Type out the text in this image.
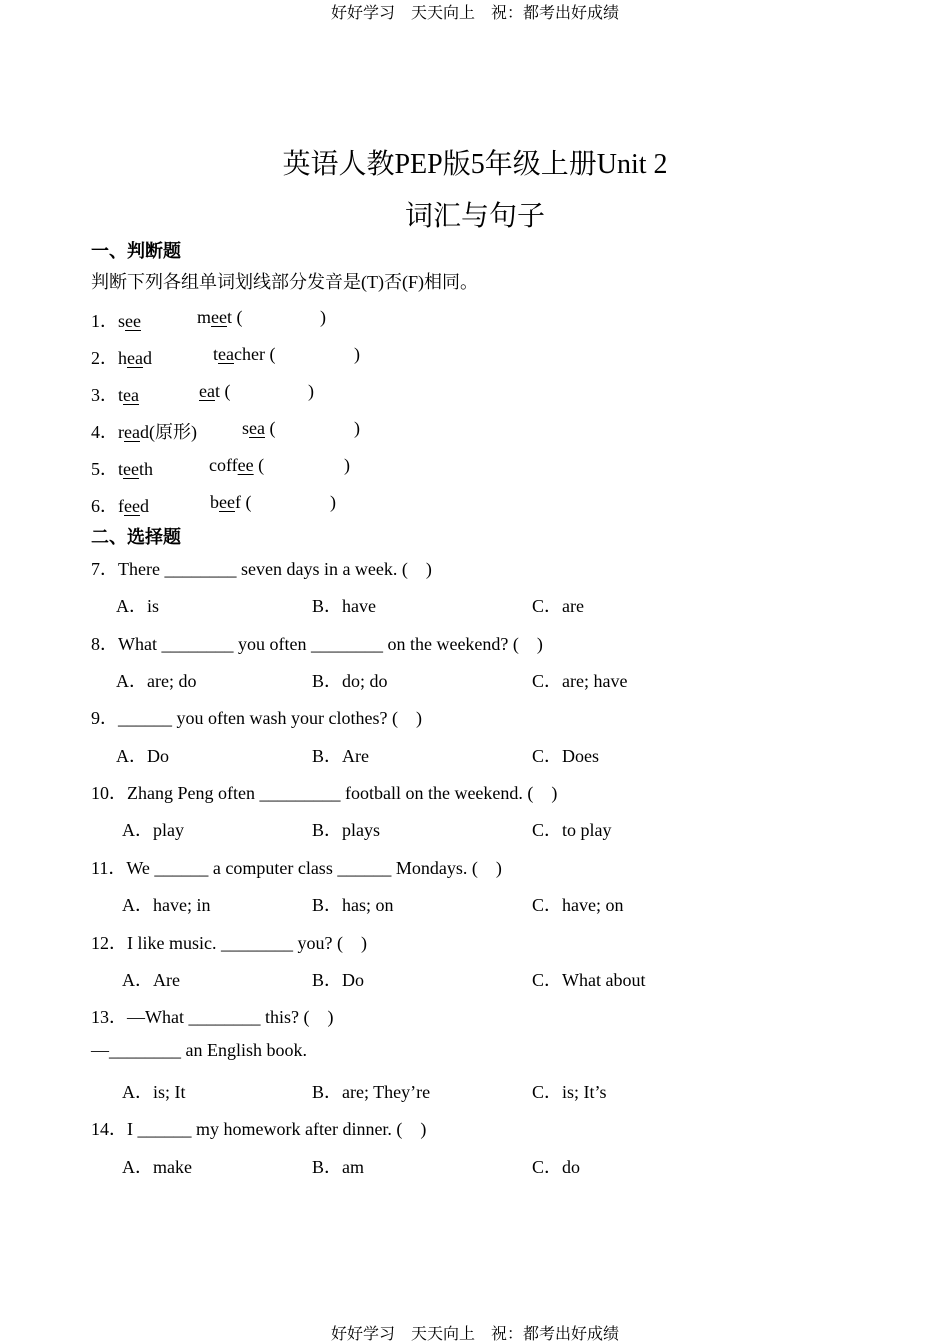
好好学习　天天向上　祝：都考出好成绩
英语人教PEP版5年级上册Unit 2
词汇与句子
一、判断题
判断下列各组单词划线部分发音是(T)否(F)相同。
1．see	meet (	)
2．head	teacher (	)
3．tea	eat (	)
4．read(原形)	sea (	)
5．teeth	coffee (	)
6．feed	beef (	)
二、选择题
7．There ________ seven days in a week. (　)
A．is	B．have	C．are
8．What ________ you often ________ on the weekend? (　)
A．are; do	B．do; do	C．are; have
9．______ you often wash your clothes? (　)
A．Do	B．Are	C．Does
10．Zhang Peng often _________ football on the weekend. (　)
A．play	B．plays	C．to play
11．We ______ a computer class ______ Mondays. (　)
A．have; in	B．has; on	C．have; on
12．I like music. ________ you? (　)
A．Are	B．Do	C．What about
13．—What ________ this? (　)
—________ an English book.
A．is; It	B．are; They’re	C．is; It’s
14．I ______ my homework after dinner. (　)
A．make	B．am	C．do
好好学习　天天向上　祝：都考出好成绩
